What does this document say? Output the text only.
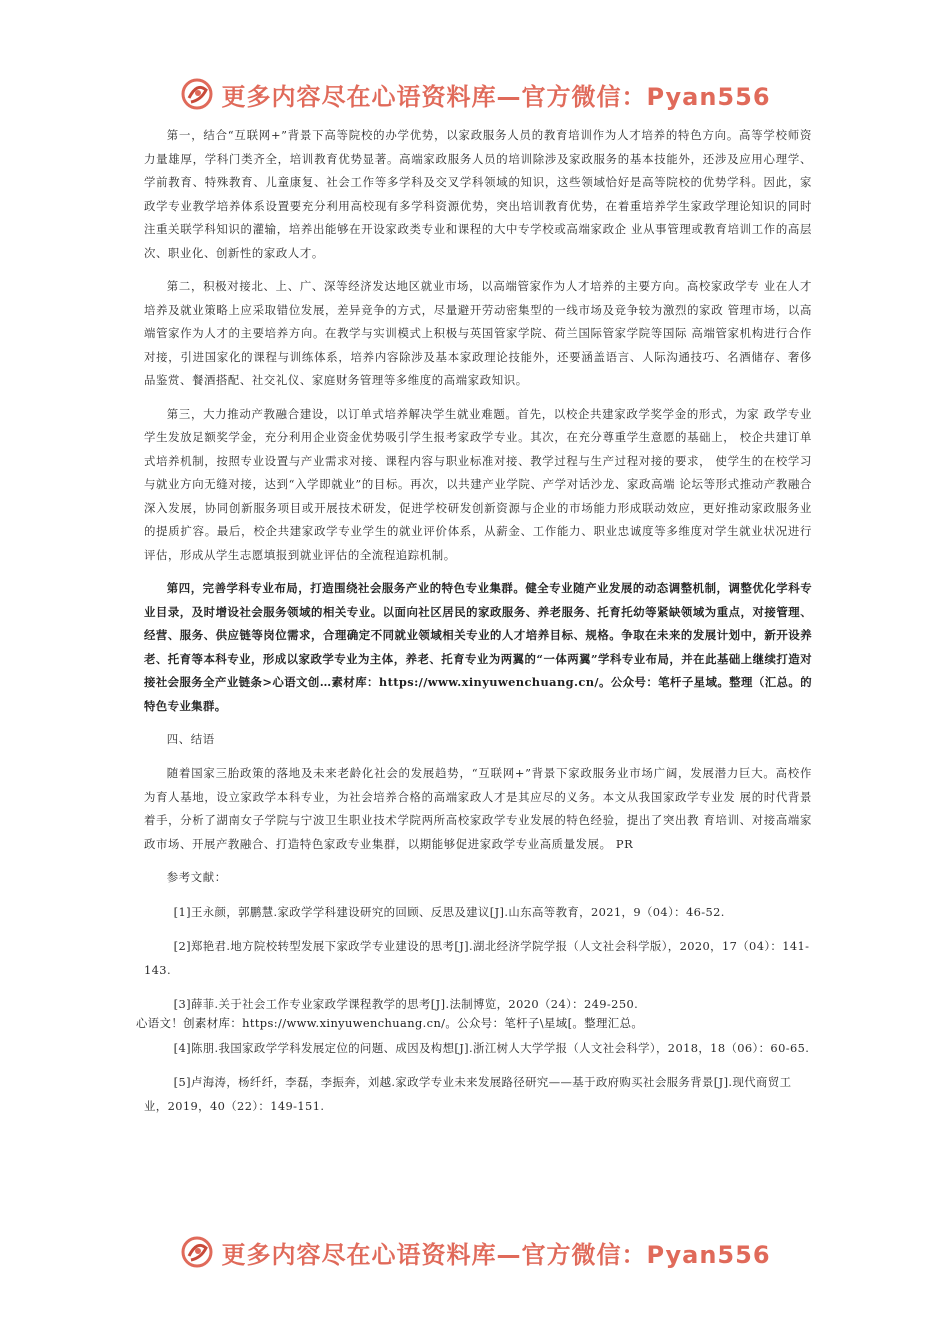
更多内容尽在心语资料库—官方微信：Pyan556

第一，结合“互联网+”背景下高等院校的办学优势，以家政服务人员的教育培训作为人才培养的特色方向。高等学校师资力量雄厚，学科门类齐全，培训教育优势显著。高端家政服务人员的培训除涉及家政服务的基本技能外，还涉及应用心理学、学前教育、特殊教育、儿童康复、社会工作等多学科及交叉学科领域的知识，这些领域恰好是高等院校的优势学科。因此，家政学专业教学培养体系设置要充分利用高校现有多学科资源优势，突出培训教育优势，在着重培养学生家政学理论知识的同时注重关联学科知识的灌输，培养出能够在开设家政类专业和课程的大中专学校或高端家政企 业从事管理或教育培训工作的高层次、职业化、创新性的家政人才。

第二，积极对接北、上、广、深等经济发达地区就业市场，以高端管家作为人才培养的主要方向。高校家政学专 业在人才培养及就业策略上应采取错位发展，差异竞争的方式，尽量避开劳动密集型的一线市场及竞争较为激烈的家政 管理市场，以高端管家作为人才的主要培养方向。在教学与实训模式上积极与英国管家学院、荷兰国际管家学院等国际 高端管家机构进行合作对接，引进国家化的课程与训练体系，培养内容除涉及基本家政理论技能外，还要涵盖语言、人际沟通技巧、名酒储存、奢侈品鉴赏、餐酒搭配、社交礼仪、家庭财务管理等多维度的高端家政知识。

第三，大力推动产教融合建设，以订单式培养解决学生就业难题。首先，以校企共建家政学奖学金的形式，为家 政学专业学生发放足额奖学金，充分利用企业资金优势吸引学生报考家政学专业。其次，在充分尊重学生意愿的基础上， 校企共建订单式培养机制，按照专业设置与产业需求对接、课程内容与职业标准对接、教学过程与生产过程对接的要求， 使学生的在校学习与就业方向无缝对接，达到“入学即就业”的目标。再次，以共建产业学院、产学对话沙龙、家政高端 论坛等形式推动产教融合深入发展，协同创新服务项目或开展技术研发，促进学校研发创新资源与企业的市场能力形成联动效应，更好推动家政服务业的提质扩容。最后，校企共建家政学专业学生的就业评价体系，从薪金、工作能力、职业忠诚度等多维度对学生就业状况进行评估，形成从学生志愿填报到就业评估的全流程追踪机制。

第四，完善学科专业布局，打造围绕社会服务产业的特色专业集群。健全专业随产业发展的动态调整机制，调整优化学科专业目录，及时增设社会服务领域的相关专业。以面向社区居民的家政服务、养老服务、托育托幼等紧缺领域为重点，对接管理、经营、服务、供应链等岗位需求，合理确定不同就业领域相关专业的人才培养目标、规格。争取在未来的发展计划中，新开设养老、托育等本科专业，形成以家政学专业为主体，养老、托育专业为两翼的“一体两翼”学科专业布局，并在此基础上继续打造对接社会服务全产业链条>心语文创…素材库：https://www.xinyuwenchuang.cn/。公众号：笔杆子星域。整理（汇总。的特色专业集群。

四、结语

随着国家三胎政策的落地及未来老龄化社会的发展趋势，“互联网+”背景下家政服务业市场广阔，发展潜力巨大。高校作为育人基地，设立家政学本科专业，为社会培养合格的高端家政人才是其应尽的义务。本文从我国家政学专业发 展的时代背景着手，分析了湖南女子学院与宁波卫生职业技术学院两所高校家政学专业发展的特色经验，提出了突出教 育培训、对接高端家政市场、开展产教融合、打造特色家政专业集群，以期能够促进家政学专业高质量发展。 PR

参考文献：

[1]王永颜，郭鹏慧.家政学学科建设研究的回顾、反思及建议[J].山东高等教育，2021，9（04）：46-52.

[2]郑艳君.地方院校转型发展下家政学专业建设的思考[J].湖北经济学院学报（人文社会科学版），2020，17（04）：141-143.

[3]薛菲.关于社会工作专业家政学课程教学的思考[J].法制博览，2020（24）：249-250.

心语文！创素材库：https://www.xinyuwenchuang.cn/。公众号：笔杆子\星域[。整理汇总。

[4]陈朋.我国家政学学科发展定位的问题、成因及构想[J].浙江树人大学学报（人文社会科学），2018，18（06）：60-65.

[5]卢海涛，杨纤纤，李磊，李振奔，刘越.家政学专业未来发展路径研究——基于政府购买社会服务背景[J].现代商贸工业，2019，40（22）：149-151.

更多内容尽在心语资料库—官方微信：Pyan556
